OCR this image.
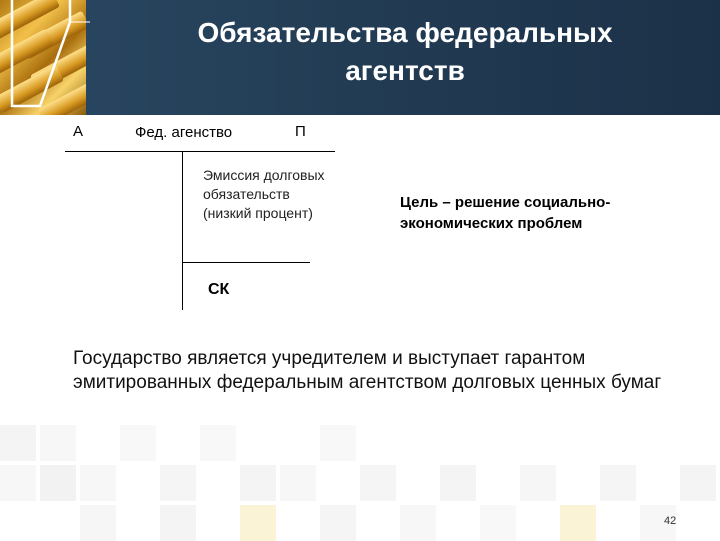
Обязательства федеральных
агентств
А	Фед. агенство	П
Эмиссия долговых обязательств (низкий процент)
СК
Цель – решение социально-экономических проблем
Государство является учредителем и выступает гарантом эмитированных федеральным агентством долговых ценных бумаг
42
